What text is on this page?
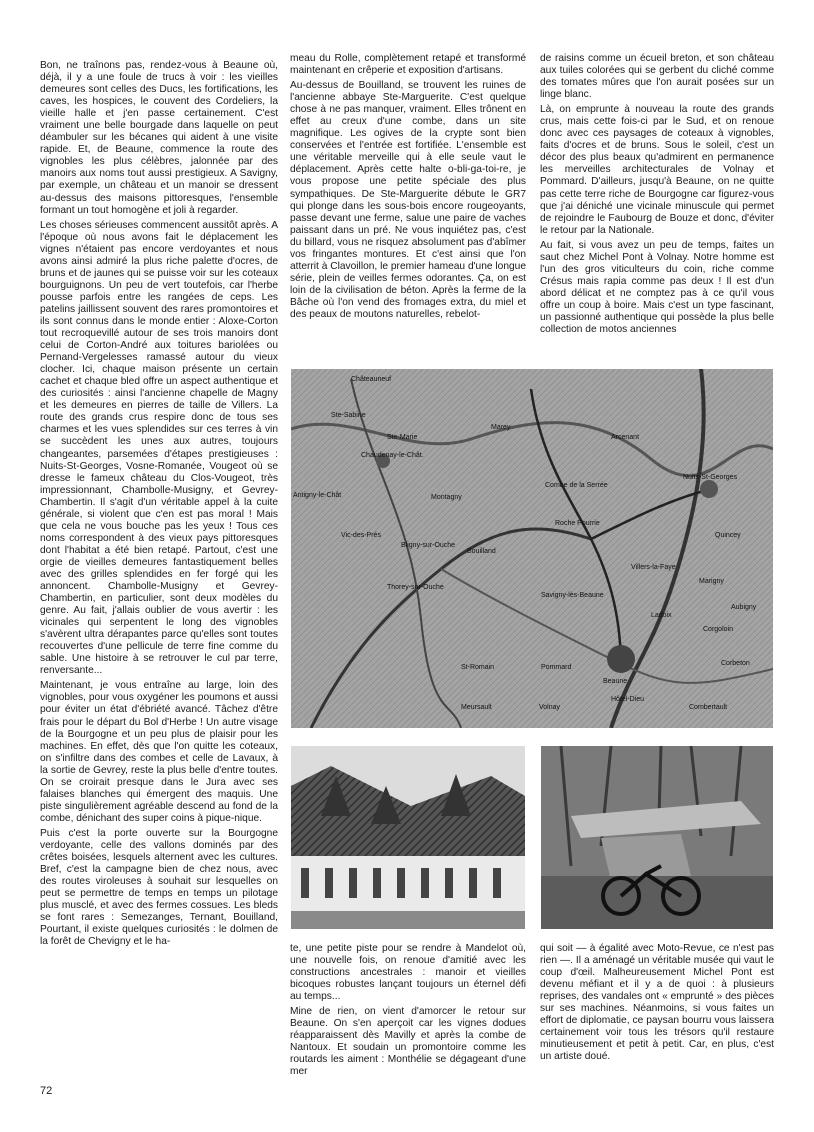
Bon, ne traînons pas, rendez-vous à Beaune où, déjà, il y a une foule de trucs à voir : les vieilles demeures sont celles des Ducs, les fortifications, les caves, les hospices, le couvent des Cordeliers, la vieille halle et j'en passe certainement. C'est vraiment une belle bourgade dans laquelle on peut déambuler sur les bécanes qui aident à une visite rapide. Et, de Beaune, commence la route des vignobles les plus célèbres, jalonnée par des manoirs aux noms tout aussi prestigieux. A Savigny, par exemple, un château et un manoir se dressent au-dessus des maisons pittoresques, l'ensemble formant un tout homogène et joli à regarder.

Les choses sérieuses commencent aussitôt après. A l'époque où nous avons fait le déplacement les vignes n'étaient pas encore verdoyantes et nous avons ainsi admiré la plus riche palette d'ocres, de bruns et de jaunes qui se puisse voir sur les coteaux bourguignons. Un peu de vert toutefois, car l'herbe pousse parfois entre les rangées de ceps. Les patelins jaillissent souvent des rares promontoires et ils sont connus dans le monde entier : Aloxe-Corton tout recroquevillé autour de ses trois manoirs dont celui de Corton-André aux toitures bariolées ou Pernand-Vergelesses ramassé autour du vieux clocher. Ici, chaque maison présente un certain cachet et chaque bled offre un aspect authentique et des curiosités : ainsi l'ancienne chapelle de Magny et les demeures en pierres de taille de Villers. La route des grands crus respire donc de tous ses charmes et les vues splendides sur ces terres à vin se succèdent les unes aux autres, toujours changeantes, parsemées d'étapes prestigieuses : Nuits-St-Georges, Vosne-Romanée, Vougeot où se dresse le fameux château du Clos-Vougeot, très impressionnant, Chambolle-Musigny, et Gevrey-Chambertin. Il s'agit d'un véritable appel à la cuite générale, si violent que c'en est pas moral ! Mais que cela ne vous bouche pas les yeux ! Tous ces noms correspondent à des vieux pays pittoresques dont l'habitat a été bien retapé. Partout, c'est une orgie de vieilles demeures fantastiquement belles avec des grilles splendides en fer forgé qui les annoncent. Chambolle-Musigny et Gevrey-Chambertin, en particulier, sont deux modèles du genre. Au fait, j'allais oublier de vous avertir : les vicinales qui serpentent le long des vignobles s'avèrent ultra dérapantes parce qu'elles sont toutes recouvertes d'une pellicule de terre fine comme du sable. Une histoire à se retrouver le cul par terre, renversante...

Maintenant, je vous entraîne au large, loin des vignobles, pour vous oxygéner les poumons et aussi pour éviter un état d'ébriété avancé. Tâchez d'être frais pour le départ du Bol d'Herbe ! Un autre visage de la Bourgogne et un peu plus de plaisir pour les machines. En effet, dès que l'on quitte les coteaux, on s'infiltre dans des combes et celle de Lavaux, à la sortie de Gevrey, reste la plus belle d'entre toutes. On se croirait presque dans le Jura avec ses falaises blanches qui émergent des maquis. Une piste singulièrement agréable descend au fond de la combe, dénichant des super coins à pique-nique.

Puis c'est la porte ouverte sur la Bourgogne verdoyante, celle des vallons dominés par des crêtes boisées, lesquels alternent avec les cultures. Bref, c'est la campagne bien de chez nous, avec des routes viroleuses à souhait sur lesquelles on peut se permettre de temps en temps un pilotage plus musclé, et avec des fermes cossues. Les bleds se font rares : Semezanges, Ternant, Bouilland, Pourtant, il existe quelques curiosités : le dolmen de la forêt de Chevigny et le ha-

meau du Rolle, complètement retapé et transformé maintenant en crêperie et exposition d'artisans.

Au-dessus de Bouilland, se trouvent les ruines de l'ancienne abbaye Ste-Marguerite. C'est quelque chose à ne pas manquer, vraiment. Elles trônent en effet au creux d'une combe, dans un site magnifique. Les ogives de la crypte sont bien conservées et l'entrée est fortifiée. L'ensemble est une véritable merveille qui à elle seule vaut le déplacement. Après cette halte o-bli-ga-toi-re, je vous propose une petite spéciale des plus sympathiques. De Ste-Marguerite débute le GR7 qui plonge dans les sous-bois encore rougeoyants, passe devant une ferme, salue une paire de vaches paissant dans un pré. Ne vous inquiétez pas, c'est du billard, vous ne risquez absolument pas d'abîmer vos fringantes montures. Et c'est ainsi que l'on atterrit à Clavoillon, le premier hameau d'une longue série, plein de veilles fermes odorantes. Ça, on est loin de la civilisation de béton. Après la ferme de la Bâche où l'on vend des fromages extra, du miel et des peaux de moutons naturelles, rebelot-

de raisins comme un écueil breton, et son château aux tuiles colorées qui se gerbent du cliché comme des tomates mûres que l'on aurait posées sur un linge blanc.

Là, on emprunte à nouveau la route des grands crus, mais cette fois-ci par le Sud, et on renoue donc avec ces paysages de coteaux à vignobles, faits d'ocres et de bruns. Sous le soleil, c'est un décor des plus beaux qu'admirent en permanence les merveilles architecturales de Volnay et Pommard. D'ailleurs, jusqu'à Beaune, on ne quitte pas cette terre riche de Bourgogne car figurez-vous que j'ai déniché une vicinale minuscule qui permet de rejoindre le Faubourg de Bouze et donc, d'éviter le retour par la Nationale.

Au fait, si vous avez un peu de temps, faites un saut chez Michel Pont à Volnay. Notre homme est l'un des gros viticulteurs du coin, riche comme Crésus mais rapia comme pas deux ! Il est d'un abord délicat et ne comptez pas à ce qu'il vous offre un coup à boire. Mais c'est un type fascinant, un passionné authentique qui possède la plus belle collection de motos anciennes

Châteauneuf
Ste-Sabine
Chaudenay-le-Chât.
Antigny-le-Chât
Vic-des-Prés
Bligny-sur-Ouche
Nuits-St-Georges
Quincey
Combe de la Serrée
Roche Pourrie
Bouilland
Savigny-lès-Beaune
Beaune
Hôtel-Dieu
Corbeton
Marigny
Thorey-sur-Ouche
Ste-Marie
Montagny
Corgoloin
Ladoix
Arcenant
Marey
Villers-la-Faye
Pommard
Volnay
Meursault	Combertault
Aubigny
St-Romain

te, une petite piste pour se rendre à Mandelot où, une nouvelle fois, on renoue d'amitié avec les constructions ancestrales : manoir et vieilles bicoques robustes lançant toujours un éternel défi au temps...

Mine de rien, on vient d'amorcer le retour sur Beaune. On s'en aperçoit car les vignes dodues réapparaissent dès Mavilly et après la combe de Nantoux. Et soudain un promontoire comme les routards les aiment : Monthélie se dégageant d'une mer

qui soit — à égalité avec Moto-Revue, ce n'est pas rien —. Il a aménagé un véritable musée qui vaut le coup d'œil. Malheureusement Michel Pont est devenu méfiant et il y a de quoi : à plusieurs reprises, des vandales ont « emprunté » des pièces sur ses machines. Néanmoins, si vous faites un effort de diplomatie, ce paysan bourru vous laissera certainement voir tous les trésors qu'il restaure minutieusement et petit à petit. Car, en plus, c'est un artiste doué.

72
